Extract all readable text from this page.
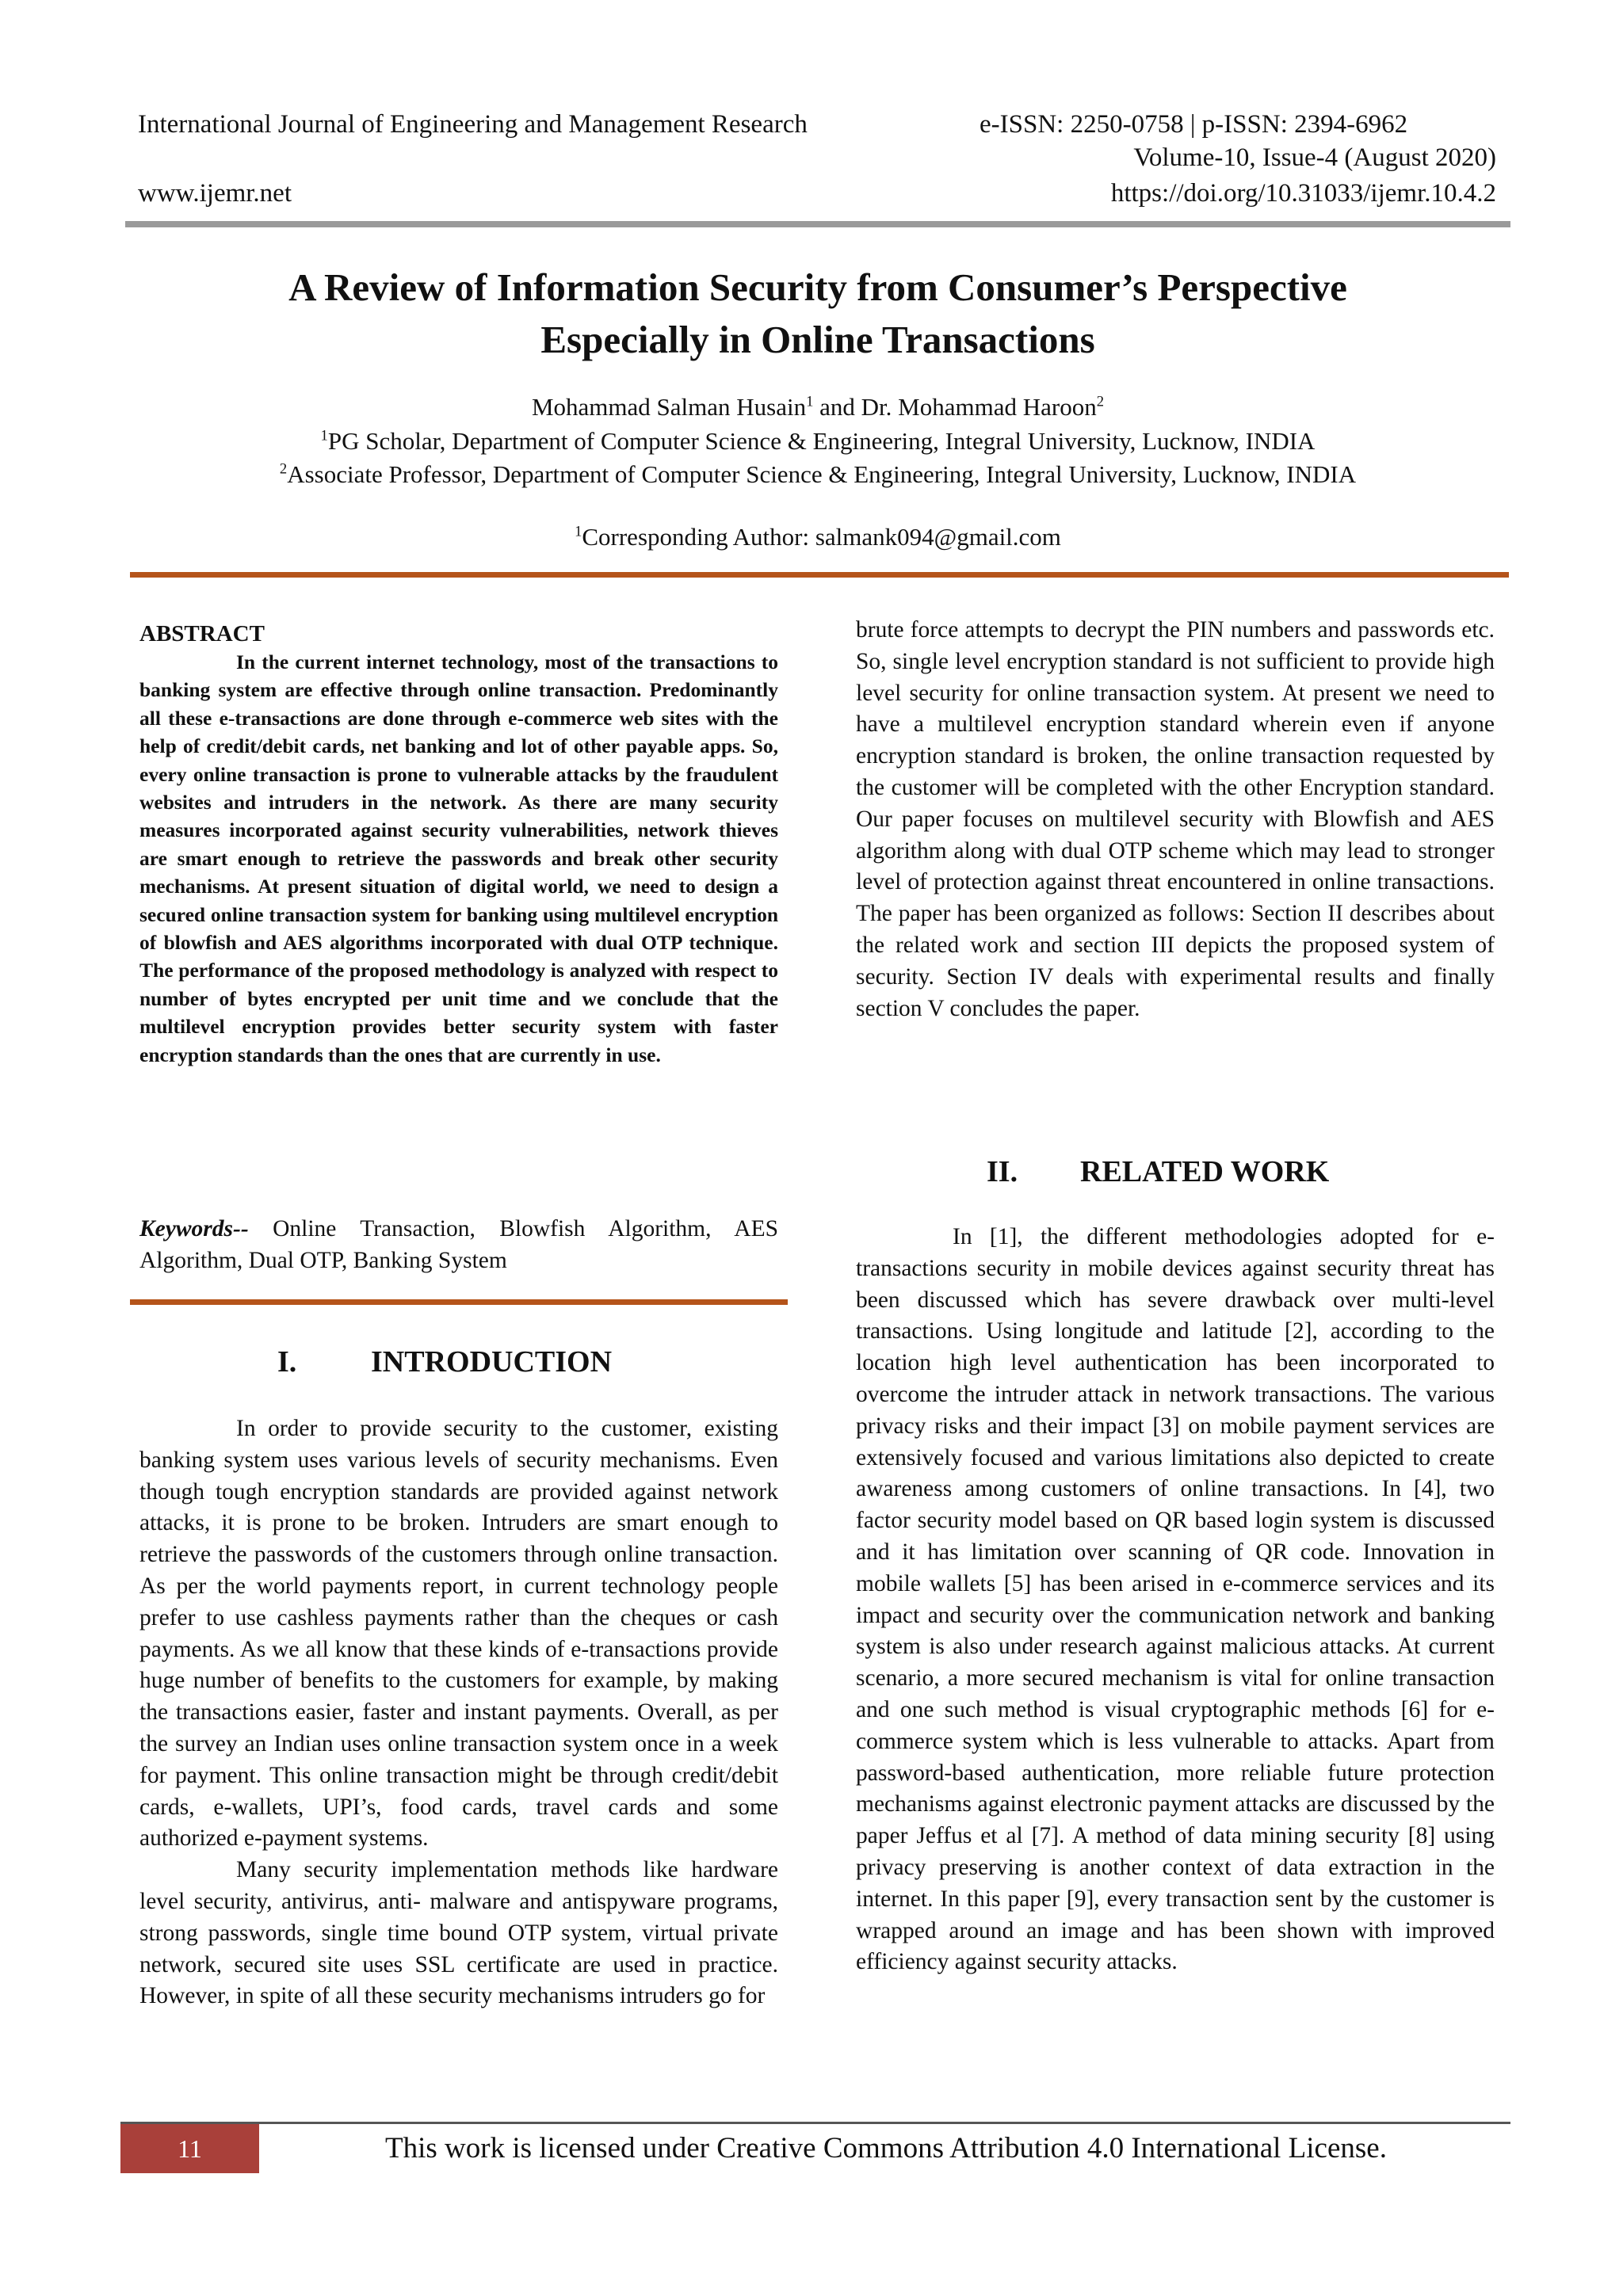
International Journal of Engineering and Management Research	e-ISSN: 2250-0758 | p-ISSN: 2394-6962
Volume-10, Issue-4 (August 2020)
www.ijemr.net	https://doi.org/10.31033/ijemr.10.4.2
A Review of Information Security from Consumer’s Perspective
Especially in Online Transactions
Mohammad Salman Husain$^1$ and Dr. Mohammad Haroon$^2$
$^1$PG Scholar, Department of Computer Science & Engineering, Integral University, Lucknow, INDIA
$^2$Associate Professor, Department of Computer Science & Engineering, Integral University, Lucknow, INDIA
$^1$Corresponding Author: salmank094@gmail.com
ABSTRACT

In the current internet technology, most of the transactions to banking system are effective through online transaction. Predominantly all these e-transactions are done through e-commerce web sites with the help of credit/debit cards, net banking and lot of other payable apps. So, every online transaction is prone to vulnerable attacks by the fraudulent websites and intruders in the network. As there are many security measures incorporated against security vulnerabilities, network thieves are smart enough to retrieve the passwords and break other security mechanisms. At present situation of digital world, we need to design a secured online transaction system for banking using multilevel encryption of blowfish and AES algorithms incorporated with dual OTP technique. The performance of the proposed methodology is analyzed with respect to number of bytes encrypted per unit time and we conclude that the multilevel encryption provides better security system with faster encryption standards than the ones that are currently in use.

Keywords-- Online Transaction, Blowfish Algorithm, AES Algorithm, Dual OTP, Banking System

I. INTRODUCTION

In order to provide security to the customer, existing banking system uses various levels of security mechanisms. Even though tough encryption standards are provided against network attacks, it is prone to be broken. Intruders are smart enough to retrieve the passwords of the customers through online transaction. As per the world payments report, in current technology people prefer to use cashless payments rather than the cheques or cash payments. As we all know that these kinds of e-transactions provide huge number of benefits to the customers for example, by making the transactions easier, faster and instant payments. Overall, as per the survey an Indian uses online transaction system once in a week for payment. This online transaction might be through credit/debit cards, e-wallets, UPI’s, food cards, travel cards and some authorized e-payment systems.

Many security implementation methods like hardware level security, antivirus, anti- malware and antispyware programs, strong passwords, single time bound OTP system, virtual private network, secured site uses SSL certificate are used in practice. However, in spite of all these security mechanisms intruders go for

brute force attempts to decrypt the PIN numbers and passwords etc. So, single level encryption standard is not sufficient to provide high level security for online transaction system. At present we need to have a multilevel encryption standard wherein even if anyone encryption standard is broken, the online transaction requested by the customer will be completed with the other Encryption standard. Our paper focuses on multilevel security with Blowfish and AES algorithm along with dual OTP scheme which may lead to stronger level of protection against threat encountered in online transactions. The paper has been organized as follows: Section II describes about the related work and section III depicts the proposed system of security. Section IV deals with experimental results and finally section V concludes the paper.

II. RELATED WORK

In [1], the different methodologies adopted for e-transactions security in mobile devices against security threat has been discussed which has severe drawback over multi-level transactions. Using longitude and latitude [2], according to the location high level authentication has been incorporated to overcome the intruder attack in network transactions. The various privacy risks and their impact [3] on mobile payment services are extensively focused and various limitations also depicted to create awareness among customers of online transactions. In [4], two factor security model based on QR based login system is discussed and it has limitation over scanning of QR code. Innovation in mobile wallets [5] has been arised in e-commerce services and its impact and security over the communication network and banking system is also under research against malicious attacks. At current scenario, a more secured mechanism is vital for online transaction and one such method is visual cryptographic methods [6] for e-commerce system which is less vulnerable to attacks. Apart from password-based authentication, more reliable future protection mechanisms against electronic payment attacks are discussed by the paper Jeffus et al [7]. A method of data mining security [8] using privacy preserving is another context of data extraction in the internet. In this paper [9], every transaction sent by the customer is wrapped around an image and has been shown with improved efficiency against security attacks.

11	This work is licensed under Creative Commons Attribution 4.0 International License.
